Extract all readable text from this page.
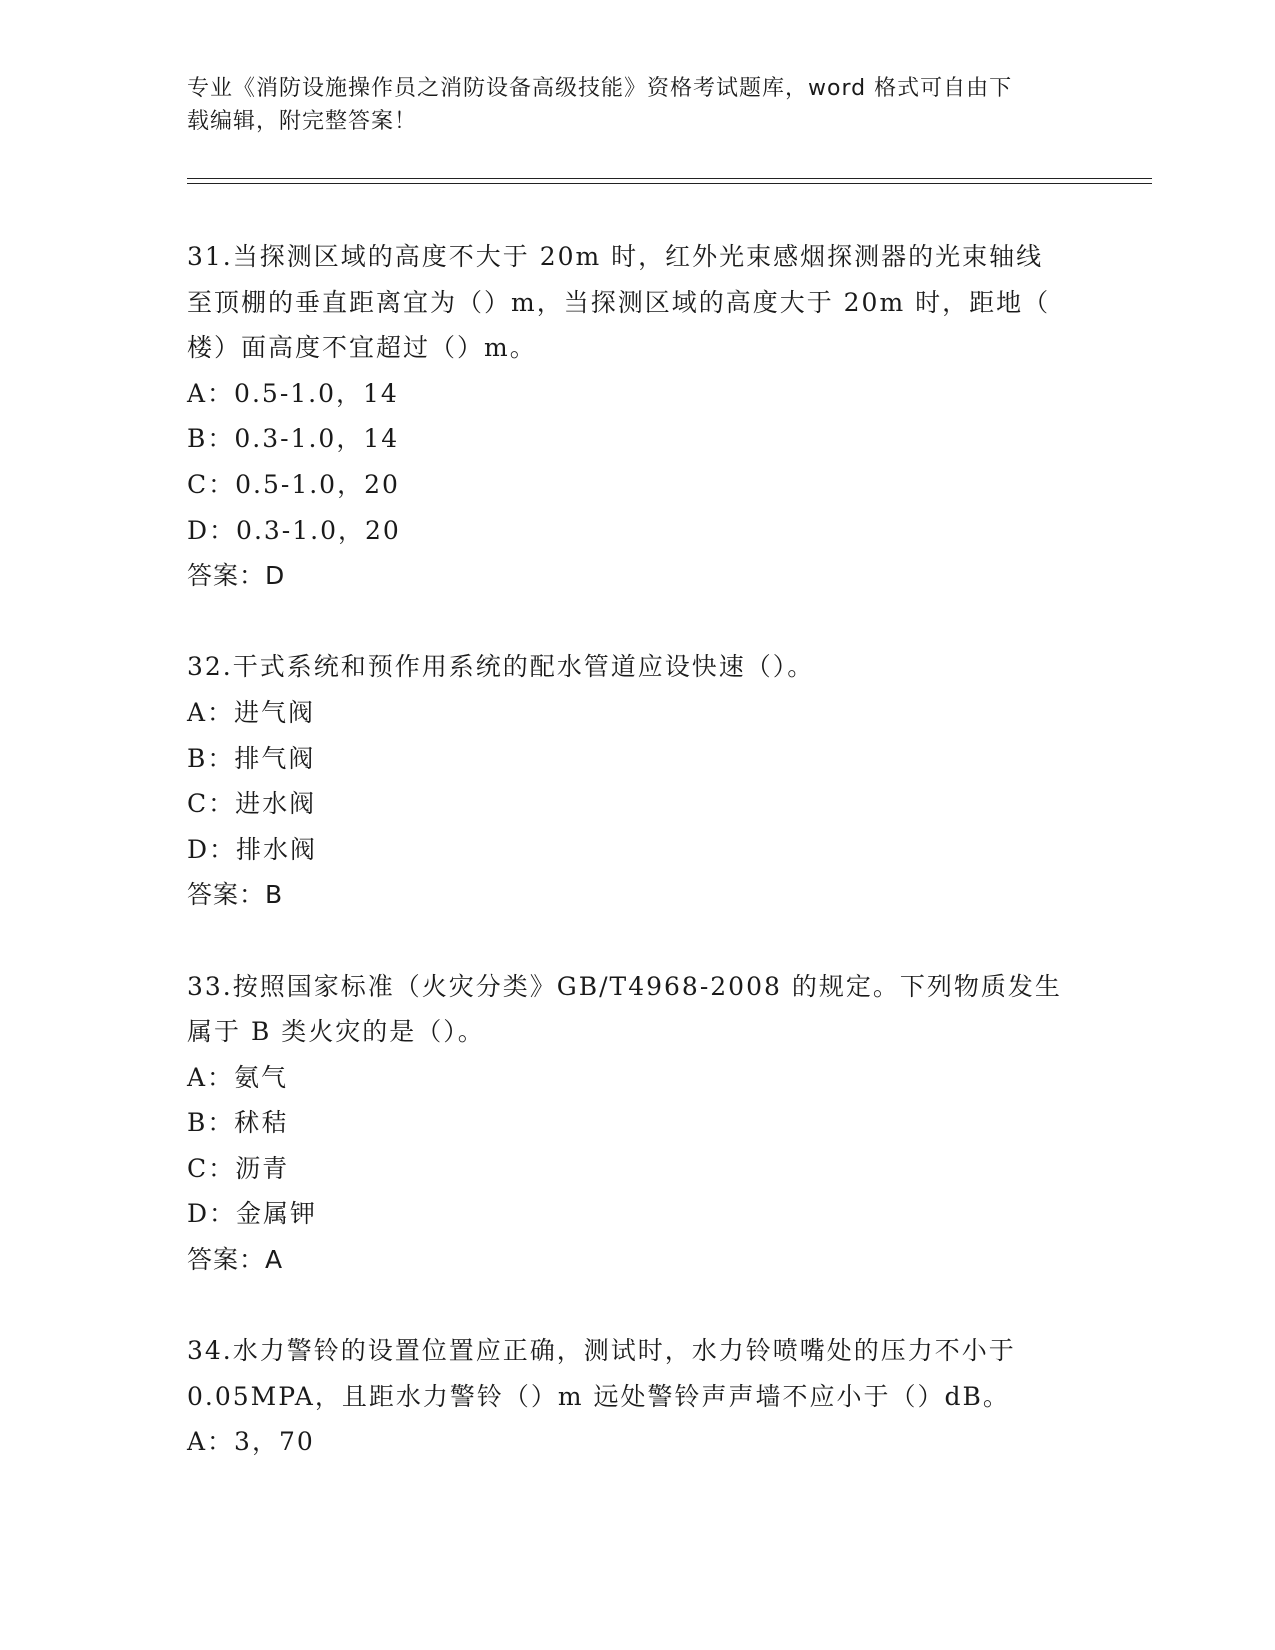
专业《消防设施操作员之消防设备高级技能》资格考试题库，word 格式可自由下
载编辑，附完整答案！
31.当探测区域的高度不大于 20m 时，红外光束感烟探测器的光束轴线
至顶棚的垂直距离宜为（）m，当探测区域的高度大于 20m 时，距地（
楼）面高度不宜超过（）m。
A：0.5-1.0，14
B：0.3-1.0，14
C：0.5-1.0，20
D：0.3-1.0，20
答案：D
32.干式系统和预作用系统的配水管道应设快速（）。
A：进气阀
B：排气阀
C：进水阀
D：排水阀
答案：B
33.按照国家标准（火灾分类》GB/T4968-2008 的规定。下列物质发生
属于 B 类火灾的是（）。
A：氨气
B：秫秸
C：沥青
D：金属钾
答案：A
34.水力警铃的设置位置应正确，测试时，水力铃喷嘴处的压力不小于
0.05MPA，且距水力警铃（）m 远处警铃声声墙不应小于（）dB。
A：3，70
